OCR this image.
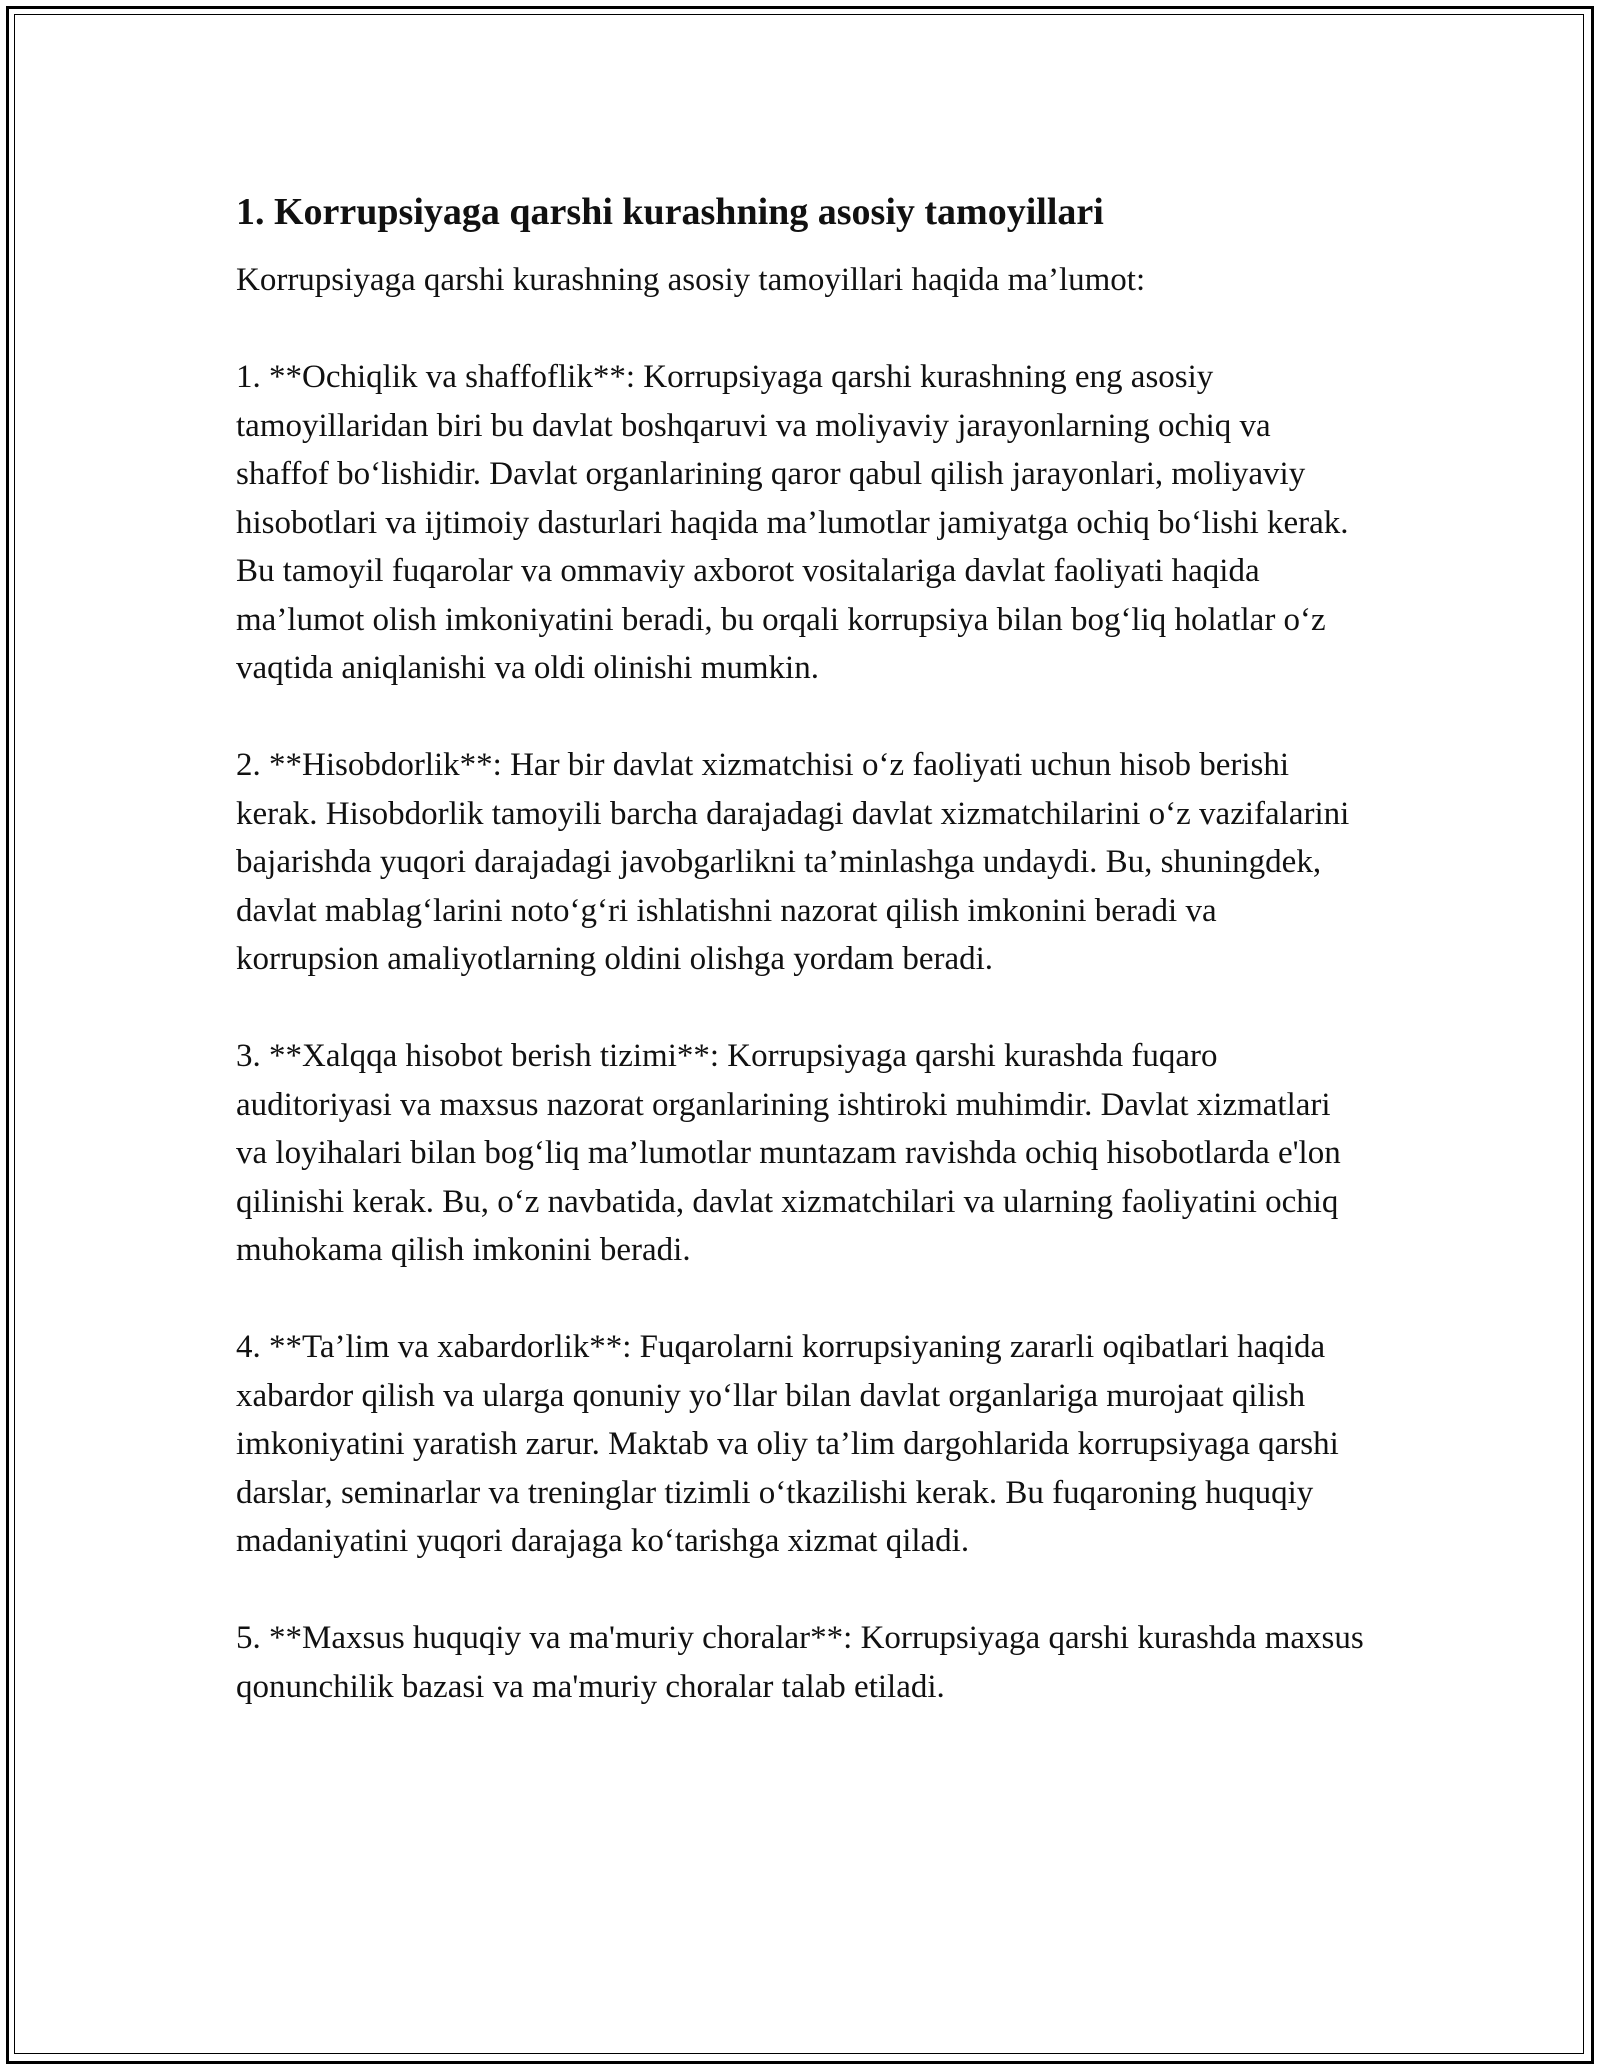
1. Korrupsiyaga qarshi kurashning asosiy tamoyillari

Korrupsiyaga qarshi kurashning asosiy tamoyillari haqida ma’lumot:

1. **Ochiqlik va shaffoflik**: Korrupsiyaga qarshi kurashning eng asosiy tamoyillaridan biri bu davlat boshqaruvi va moliyaviy jarayonlarning ochiq va shaffof bo‘lishidir. Davlat organlarining qaror qabul qilish jarayonlari, moliyaviy hisobotlari va ijtimoiy dasturlari haqida ma’lumotlar jamiyatga ochiq bo‘lishi kerak. Bu tamoyil fuqarolar va ommaviy axborot vositalariga davlat faoliyati haqida ma’lumot olish imkoniyatini beradi, bu orqali korrupsiya bilan bog‘liq holatlar o‘z vaqtida aniqlanishi va oldi olinishi mumkin.

2. **Hisobdorlik**: Har bir davlat xizmatchisi o‘z faoliyati uchun hisob berishi kerak. Hisobdorlik tamoyili barcha darajadagi davlat xizmatchilarini o‘z vazifalarini bajarishda yuqori darajadagi javobgarlikni ta’minlashga undaydi. Bu, shuningdek, davlat mablag‘larini noto‘g‘ri ishlatishni nazorat qilish imkonini beradi va korrupsion amaliyotlarning oldini olishga yordam beradi.

3. **Xalqqa hisobot berish tizimi**: Korrupsiyaga qarshi kurashda fuqaro auditoriyasi va maxsus nazorat organlarining ishtiroki muhimdir. Davlat xizmatlari va loyihalari bilan bog‘liq ma’lumotlar muntazam ravishda ochiq hisobotlarda e'lon qilinishi kerak. Bu, o‘z navbatida, davlat xizmatchilari va ularning faoliyatini ochiq muhokama qilish imkonini beradi.

4. **Ta’lim va xabardorlik**: Fuqarolarni korrupsiyaning zararli oqibatlari haqida xabardor qilish va ularga qonuniy yo‘llar bilan davlat organlariga murojaat qilish imkoniyatini yaratish zarur. Maktab va oliy ta’lim dargohlarida korrupsiyaga qarshi darslar, seminarlar va treninglar tizimli o‘tkazilishi kerak. Bu fuqaroning huquqiy madaniyatini yuqori darajaga ko‘tarishga xizmat qiladi.

5. **Maxsus huquqiy va ma'muriy choralar**: Korrupsiyaga qarshi kurashda maxsus qonunchilik bazasi va ma'muriy choralar talab etiladi.
